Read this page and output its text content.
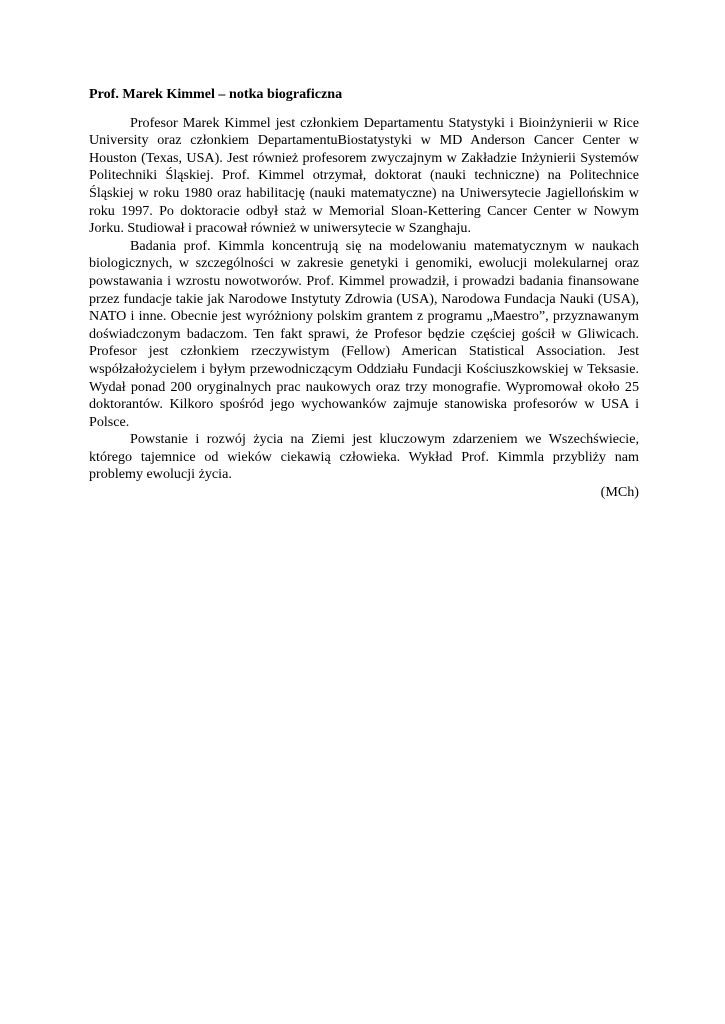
Prof. Marek Kimmel – notka biograficzna

Profesor Marek Kimmel jest członkiem Departamentu Statystyki i Bioinżynierii w Rice University oraz członkiem DepartamentuBiostatystyki w MD Anderson Cancer Center w Houston (Texas, USA). Jest również profesorem zwyczajnym w Zakładzie Inżynierii Systemów Politechniki Śląskiej. Prof. Kimmel otrzymał, doktorat (nauki techniczne) na Politechnice Śląskiej w roku 1980 oraz habilitację (nauki matematyczne) na Uniwersytecie Jagiellońskim w roku 1997. Po doktoracie odbył staż w Memorial Sloan-Kettering Cancer Center w Nowym Jorku. Studiował i pracował również w uniwersytecie w Szanghaju.

Badania prof. Kimmla koncentrują się na modelowaniu matematycznym w naukach biologicznych, w szczególności w zakresie genetyki i genomiki, ewolucji molekularnej oraz powstawania i wzrostu nowotworów. Prof. Kimmel prowadził, i prowadzi badania finansowane przez fundacje takie jak Narodowe Instytuty Zdrowia (USA), Narodowa Fundacja Nauki (USA), NATO i inne. Obecnie jest wyróżniony polskim grantem z programu „Maestro”, przyznawanym doświadczonym badaczom. Ten fakt sprawi, że Profesor będzie częściej gościł w Gliwicach. Profesor jest członkiem rzeczywistym (Fellow) American Statistical Association. Jest współzałożycielem i byłym przewodniczącym Oddziału Fundacji Kościuszkowskiej w Teksasie. Wydał ponad 200 oryginalnych prac naukowych oraz trzy monografie. Wypromował około 25 doktorantów. Kilkoro spośród jego wychowanków zajmuje stanowiska profesorów w USA i Polsce.

Powstanie i rozwój życia na Ziemi jest kluczowym zdarzeniem we Wszechświecie, którego tajemnice od wieków ciekawią człowieka. Wykład Prof. Kimmla przybliży nam problemy ewolucji życia.

(MCh)
